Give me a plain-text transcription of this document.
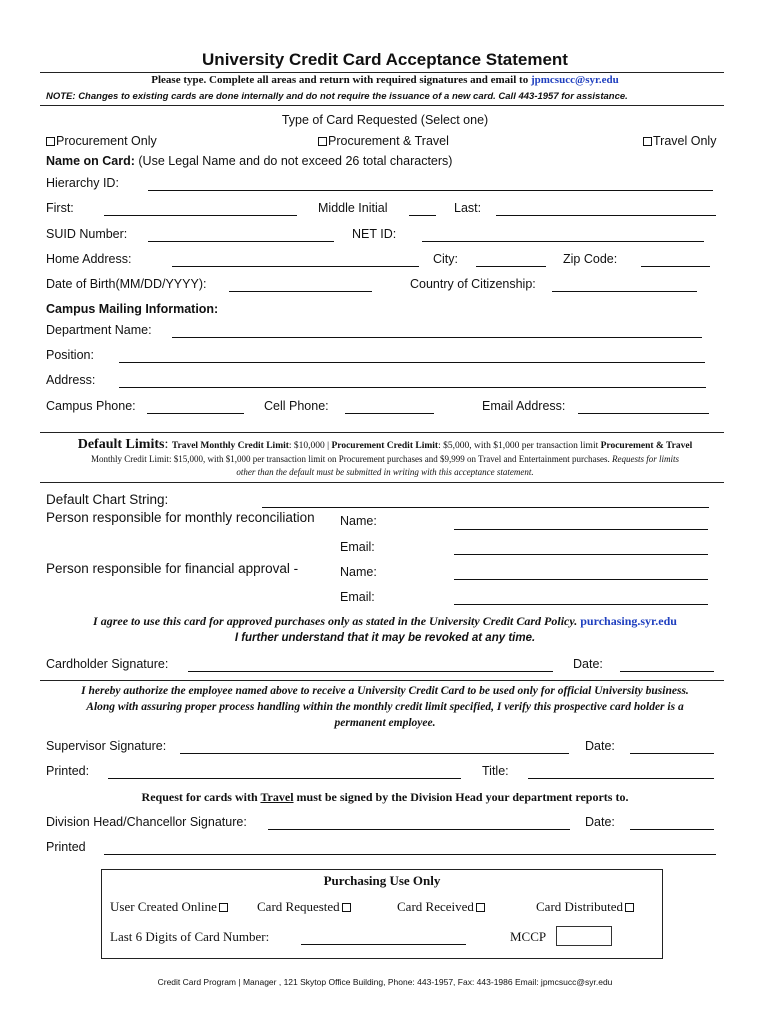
University Credit Card Acceptance Statement
Please type. Complete all areas and return with required signatures and email to jpmcsucc@syr.edu
NOTE: Changes to existing cards are done internally and do not require the issuance of a new card. Call 443-1957 for assistance.
Type of Card Requested (Select one)
Procurement Only	Procurement & Travel	Travel Only
Name on Card: (Use Legal Name and do not exceed 26 total characters)
Hierarchy ID:
First:	Middle Initial	Last:
SUID Number:	NET ID:
Home Address:	City:	Zip Code:
Date of Birth(MM/DD/YYYY):	Country of Citizenship:
Campus Mailing Information:
Department Name:
Position:
Address:
Campus Phone:	Cell Phone:	Email Address:
Default Limits: Travel Monthly Credit Limit: $10,000 | Procurement Credit Limit: $5,000, with $1,000 per transaction limit Procurement & Travel
Monthly Credit Limit: $15,000, with $1,000 per transaction limit on Procurement purchases and $9,999 on Travel and Entertainment purchases. Requests for limits
other than the default must be submitted in writing with this acceptance statement.
Default Chart String:
Person responsible for monthly reconciliation Name:
Email:
Person responsible for financial approval -	Name:
Email:
I agree to use this card for approved purchases only as stated in the University Credit Card Policy. purchasing.syr.edu
I further understand that it may be revoked at any time.
Cardholder Signature:	Date:
I hereby authorize the employee named above to receive a University Credit Card to be used only for official University business.
Along with assuring proper process handling within the monthly credit limit specified, I verify this prospective card holder is a
permanent employee.
Supervisor Signature:	Date:
Printed:	Title:
Request for cards with Travel must be signed by the Division Head your department reports to.
Division Head/Chancellor Signature:	Date:
Printed
Purchasing Use Only
User Created Online	Card Requested	Card Received	Card Distributed
Last 6 Digits of Card Number:	MCCP
Credit Card Program | Manager , 121 Skytop Office Building, Phone: 443-1957, Fax: 443-1986 Email: jpmcsucc@syr.edu
